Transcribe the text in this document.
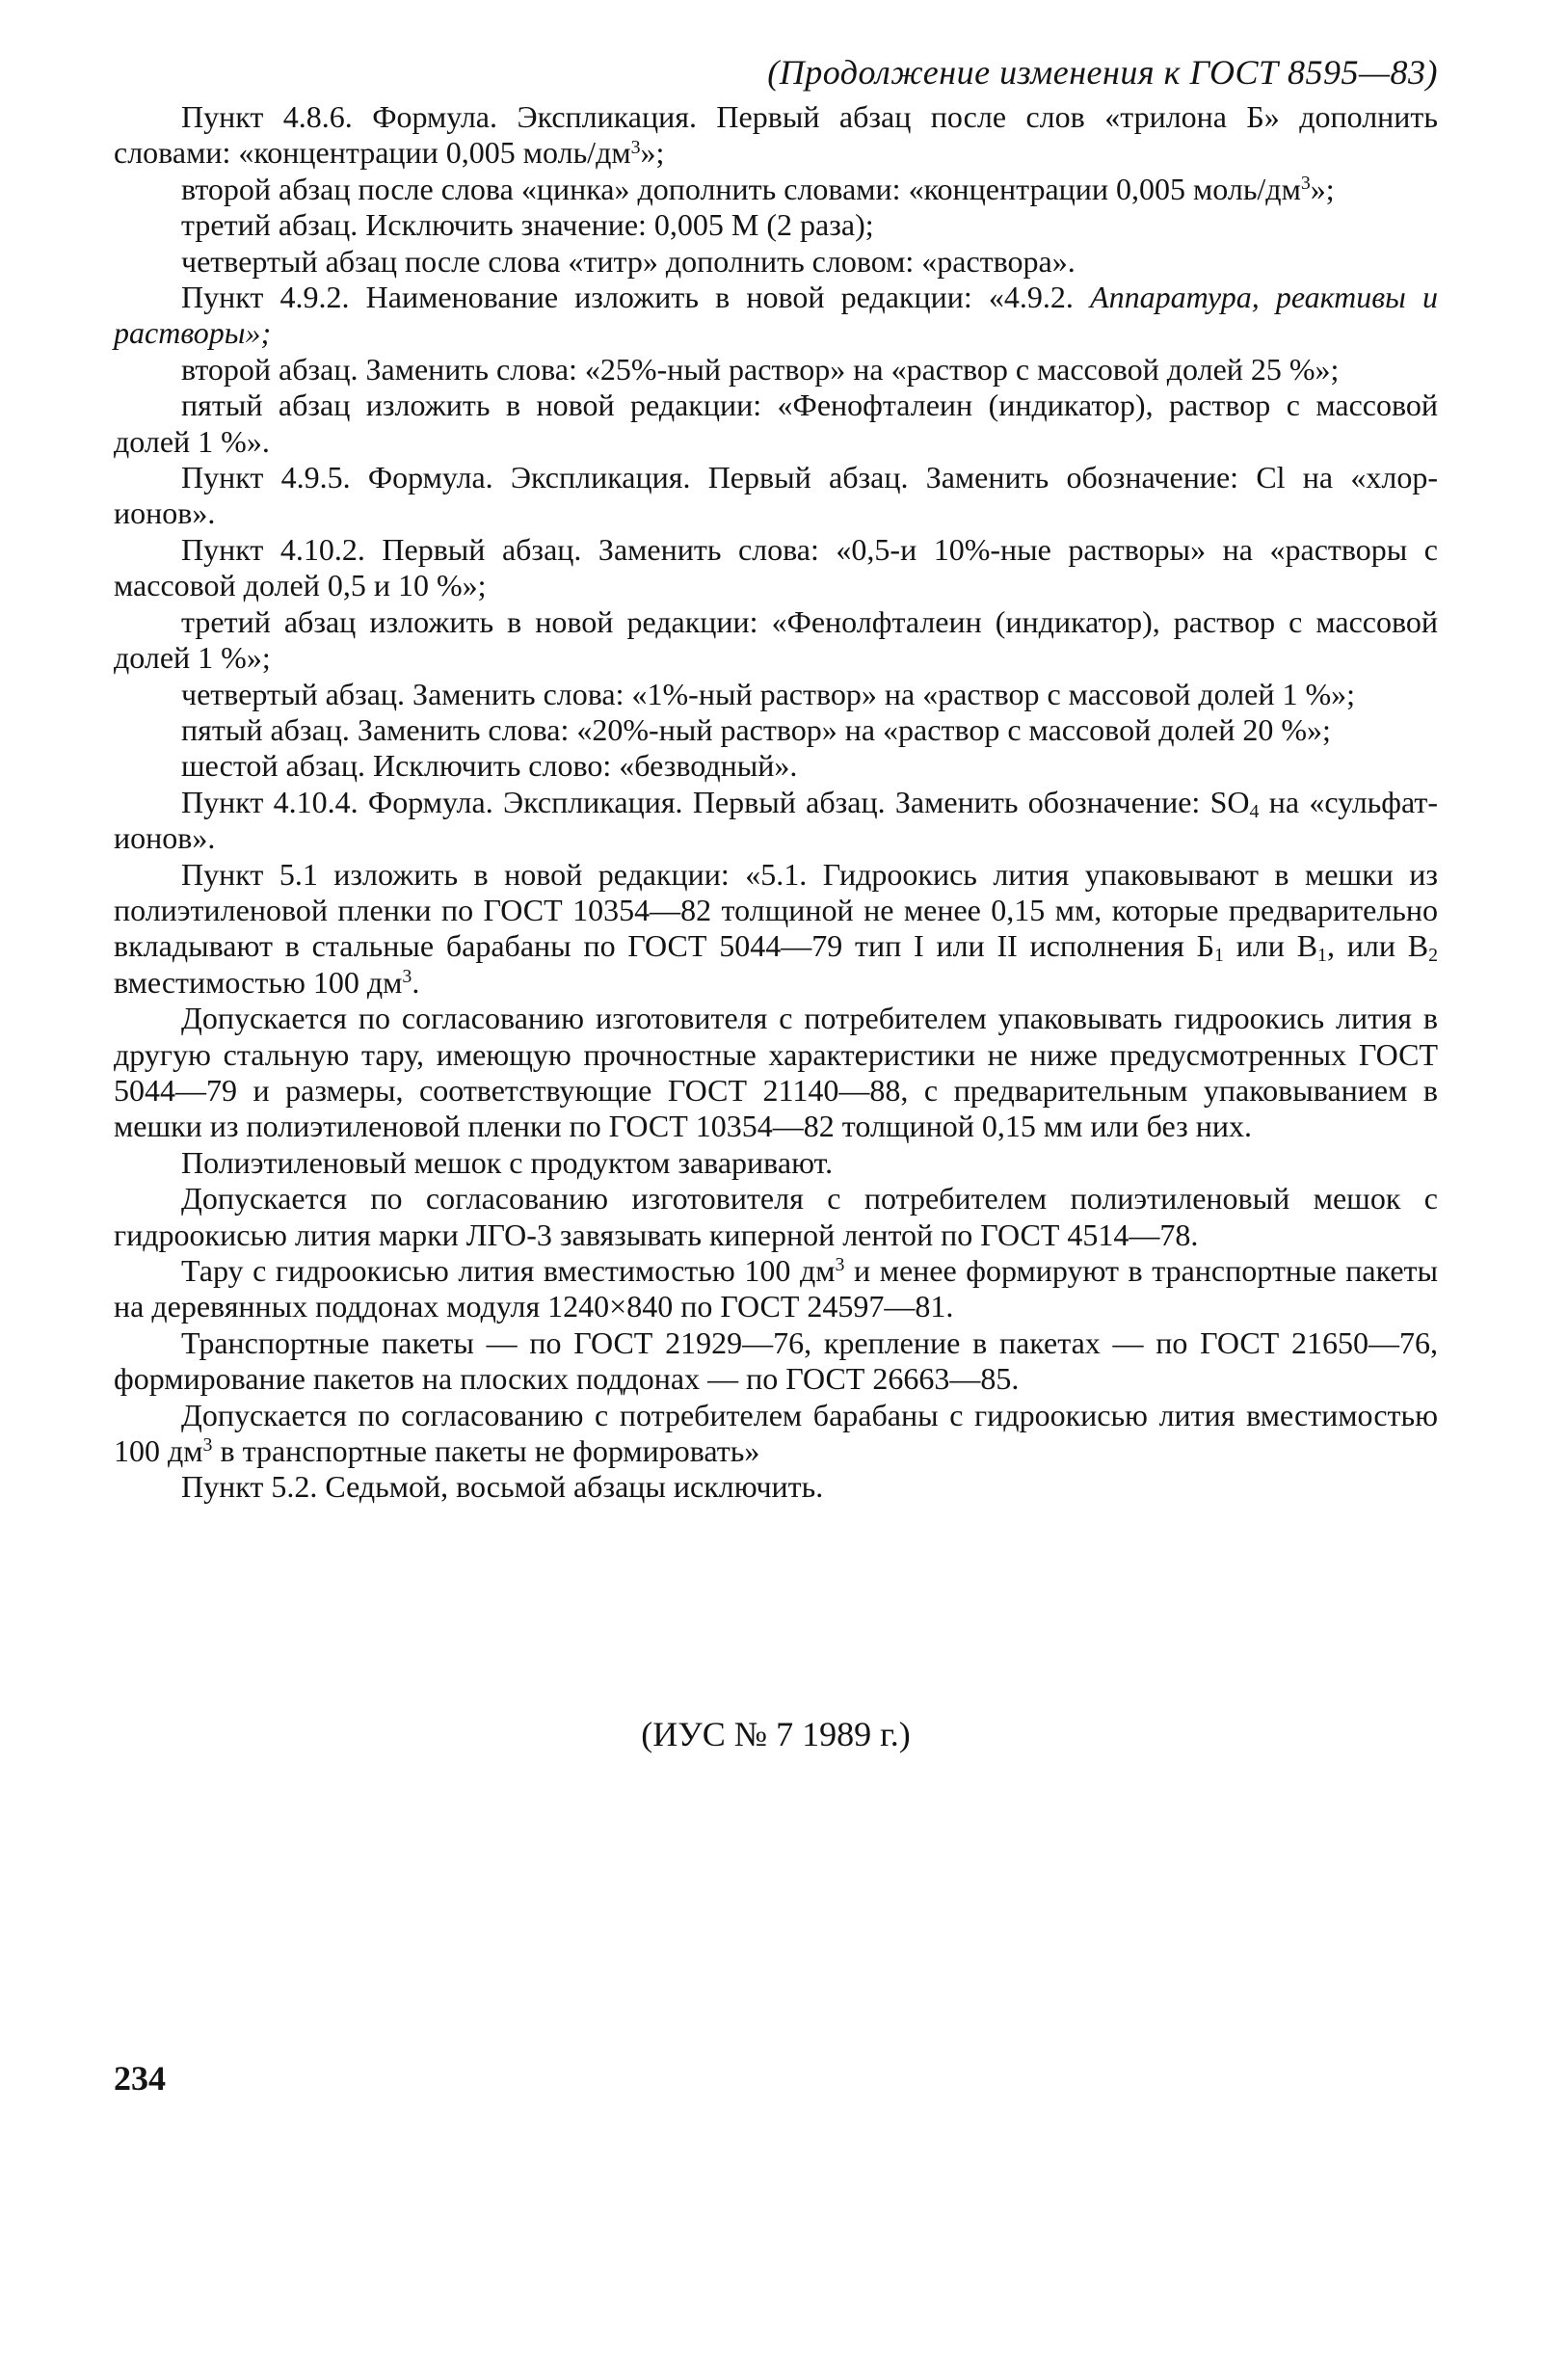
(Продолжение изменения к ГОСТ 8595—83)

Пункт 4.8.6. Формула. Экспликация. Первый абзац после слов «трилона Б» дополнить словами: «концентрации 0,005 моль/$дм^3$»;

второй абзац после слова «цинка» дополнить словами: «концентрации 0,005 моль/$дм^3$»;

третий абзац. Исключить значение: 0,005 М (2 раза);

четвертый абзац после слова «титр» дополнить словом: «раствора».

Пункт 4.9.2. Наименование изложить в новой редакции: «4.9.2. Аппаратура, реактивы и растворы»;

второй абзац. Заменить слова: «25%-ный раствор» на «раствор с массовой долей 25 %»;

пятый абзац изложить в новой редакции: «Фенофталеин (индикатор), раствор с массовой долей 1 %».

Пункт 4.9.5. Формула. Экспликация. Первый абзац. Заменить обозначение: Cl на «хлор-ионов».

Пункт 4.10.2. Первый абзац. Заменить слова: «0,5-и 10%-ные растворы» на «растворы с массовой долей 0,5 и 10 %»;

третий абзац изложить в новой редакции: «Фенолфталеин (индикатор), раствор с массовой долей 1 %»;

четвертый абзац. Заменить слова: «1%-ный раствор» на «раствор с массовой долей 1 %»;

пятый абзац. Заменить слова: «20%-ный раствор» на «раствор с массовой долей 20 %»;

шестой абзац. Исключить слово: «безводный».

Пункт 4.10.4. Формула. Экспликация. Первый абзац. Заменить обозначение: $SO_4$ на «сульфат-ионов».

Пункт 5.1 изложить в новой редакции: «5.1. Гидроокись лития упаковывают в мешки из полиэтиленовой пленки по ГОСТ 10354—82 толщиной не менее 0,15 мм, которые предварительно вкладывают в стальные барабаны по ГОСТ 5044—79 тип I или II исполнения $Б_1$ или $В_1$, или $В_2$ вместимостью 100 $дм^3$.

Допускается по согласованию изготовителя с потребителем упаковывать гидроокись лития в другую стальную тару, имеющую прочностные характеристики не ниже предусмотренных ГОСТ 5044—79 и размеры, соответствующие ГОСТ 21140—88, с предварительным упаковыванием в мешки из полиэтиленовой пленки по ГОСТ 10354—82 толщиной 0,15 мм или без них.

Полиэтиленовый мешок с продуктом заваривают.

Допускается по согласованию изготовителя с потребителем полиэтиленовый мешок с гидроокисью лития марки ЛГО-3 завязывать киперной лентой по ГОСТ 4514—78.

Тару с гидроокисью лития вместимостью 100 $дм^3$ и менее формируют в транспортные пакеты на деревянных поддонах модуля 1240×840 по ГОСТ 24597—81.

Транспортные пакеты — по ГОСТ 21929—76, крепление в пакетах — по ГОСТ 21650—76, формирование пакетов на плоских поддонах — по ГОСТ 26663—85.

Допускается по согласованию с потребителем барабаны с гидроокисью лития вместимостью 100 $дм^3$ в транспортные пакеты не формировать»

Пункт 5.2. Седьмой, восьмой абзацы исключить.

(ИУС № 7 1989 г.)
234
